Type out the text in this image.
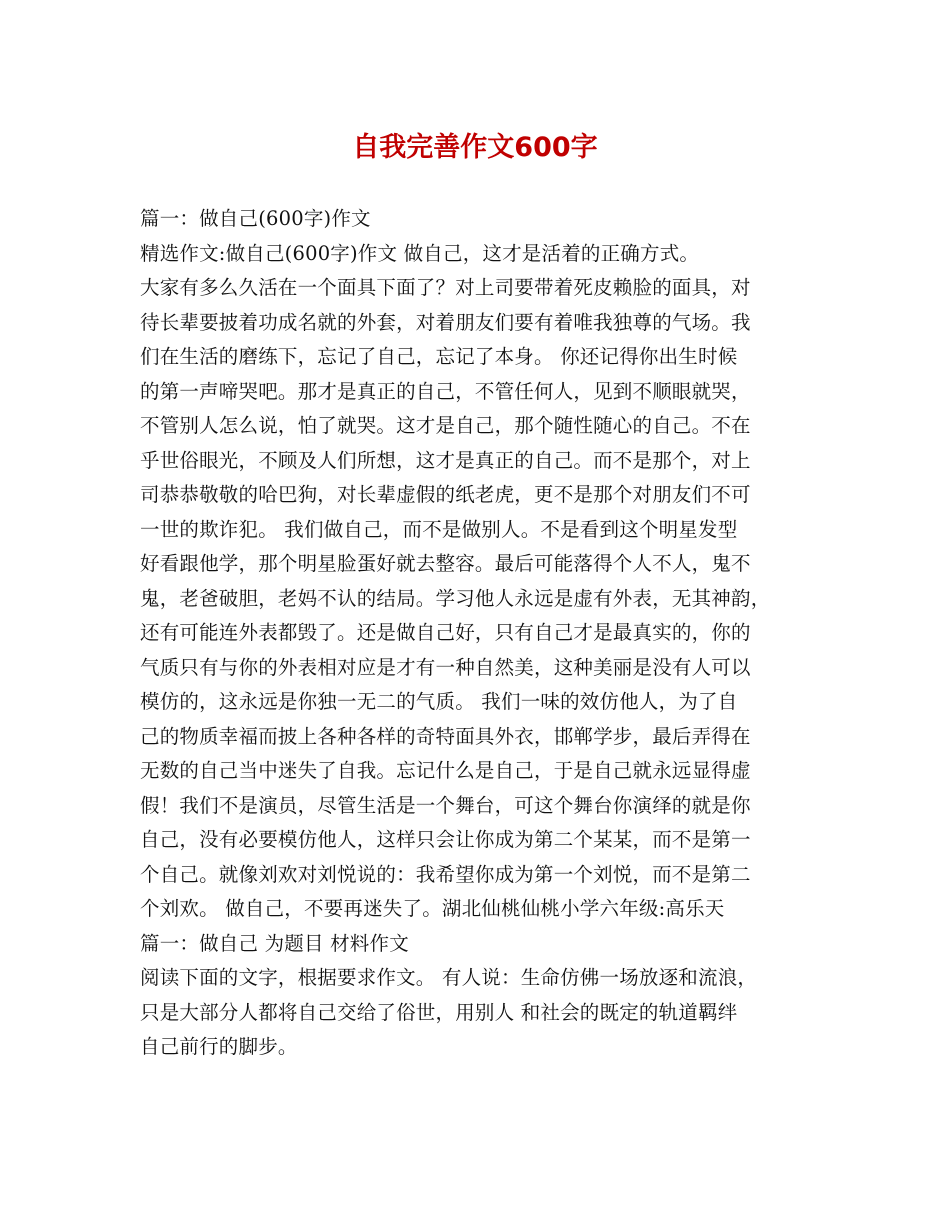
自我完善作文600字

篇一：做自己(600字)作文

精选作文:做自己(600字)作文 做自己，这才是活着的正确方式。

大家有多么久活在一个面具下面了？对上司要带着死皮赖脸的面具，对

待长辈要披着功成名就的外套，对着朋友们要有着唯我独尊的气场。我

们在生活的磨练下，忘记了自己，忘记了本身。 你还记得你出生时候

的第一声啼哭吧。那才是真正的自己，不管任何人，见到不顺眼就哭，

不管别人怎么说，怕了就哭。这才是自己，那个随性随心的自己。不在

乎世俗眼光，不顾及人们所想，这才是真正的自己。而不是那个，对上

司恭恭敬敬的哈巴狗，对长辈虚假的纸老虎，更不是那个对朋友们不可

一世的欺诈犯。 我们做自己，而不是做别人。不是看到这个明星发型

好看跟他学，那个明星脸蛋好就去整容。最后可能落得个人不人，鬼不

鬼，老爸破胆，老妈不认的结局。学习他人永远是虚有外表，无其神韵，

还有可能连外表都毁了。还是做自己好，只有自己才是最真实的，你的

气质只有与你的外表相对应是才有一种自然美，这种美丽是没有人可以

模仿的，这永远是你独一无二的气质。 我们一味的效仿他人，为了自

己的物质幸福而披上各种各样的奇特面具外衣，邯郸学步，最后弄得在

无数的自己当中迷失了自我。忘记什么是自己，于是自己就永远显得虚

假！我们不是演员，尽管生活是一个舞台，可这个舞台你演绎的就是你

自己，没有必要模仿他人，这样只会让你成为第二个某某，而不是第一

个自己。就像刘欢对刘悦说的：我希望你成为第一个刘悦，而不是第二

个刘欢。 做自己，不要再迷失了。湖北仙桃仙桃小学六年级:高乐天

篇一：做自己 为题目 材料作文

阅读下面的文字，根据要求作文。 有人说：生命仿佛一场放逐和流浪，

只是大部分人都将自己交给了俗世，用别人 和社会的既定的轨道羁绊

自己前行的脚步。
